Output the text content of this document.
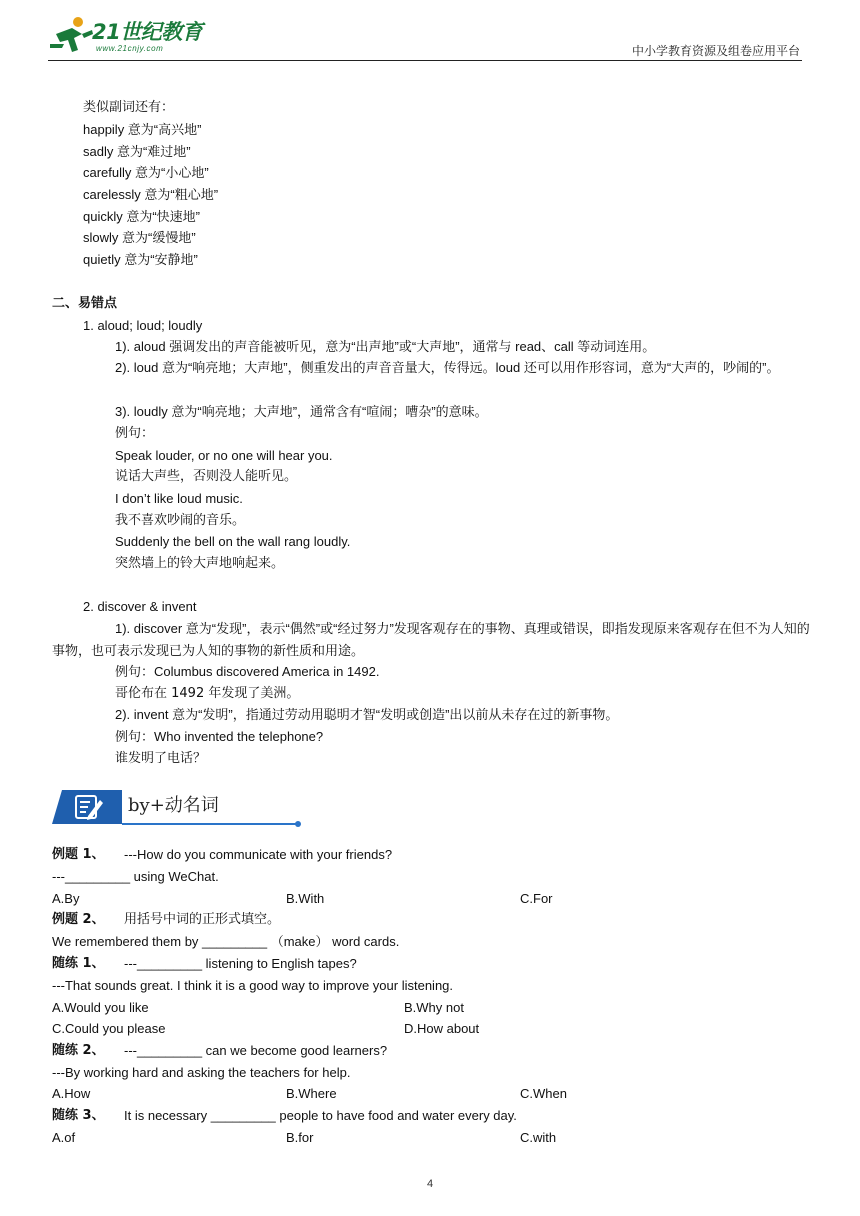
21世纪教育
www.21cnjy.com	中小学教育资源及组卷应用平台
类似副词还有：
happily 意为“高兴地”
sadly 意为“难过地”
carefully 意为“小心地”
carelessly 意为“粗心地”
quickly 意为“快速地”
slowly 意为“缓慢地”
quietly 意为“安静地”
二、易错点
1. aloud; loud; loudly
1). aloud 强调发出的声音能被听见，意为“出声地”或“大声地”，通常与 read、call 等动词连用。
2). loud 意为“响亮地；大声地”，侧重发出的声音音量大，传得远。loud 还可以用作形容词，意为“大声的，吵闹的”。
3). loudly 意为“响亮地；大声地”，通常含有“喧闹；嘈杂”的意味。
例句：
Speak louder, or no one will hear you.
说话大声些，否则没人能听见。
I don’t like loud music.
我不喜欢吵闹的音乐。
Suddenly the bell on the wall rang loudly.
突然墙上的铃大声地响起来。
2. discover & invent
1). discover 意为“发现”，表示“偶然”或“经过努力”发现客观存在的事物、真理或错误，即指发现原来客观存在但不为人知的事物，也可表示发现已为人知的事物的新性质和用途。
例句：Columbus discovered America in 1492.
哥伦布在 1492 年发现了美洲。
2). invent 意为“发明”，指通过劳动用聪明才智“发明或创造”出以前从未存在过的新事物。
例句：Who invented the telephone?
谁发明了电话？
by+动名词
例题 1、 ---How do you communicate with your friends?
---_________ using WeChat.
A.By	B.With	C.For
例题 2、 用括号中词的正形式填空。
We remembered them by _________ （make） word cards.
随练 1、 ---_________ listening to English tapes?
---That sounds great. I think it is a good way to improve your listening.
A.Would you like	B.Why not
C.Could you please	D.How about
随练 2、 ---_________ can we become good learners?
---By working hard and asking the teachers for help.
A.How	B.Where	C.When
随练 3、 It is necessary _________ people to have food and water every day.
A.of	B.for	C.with
4
